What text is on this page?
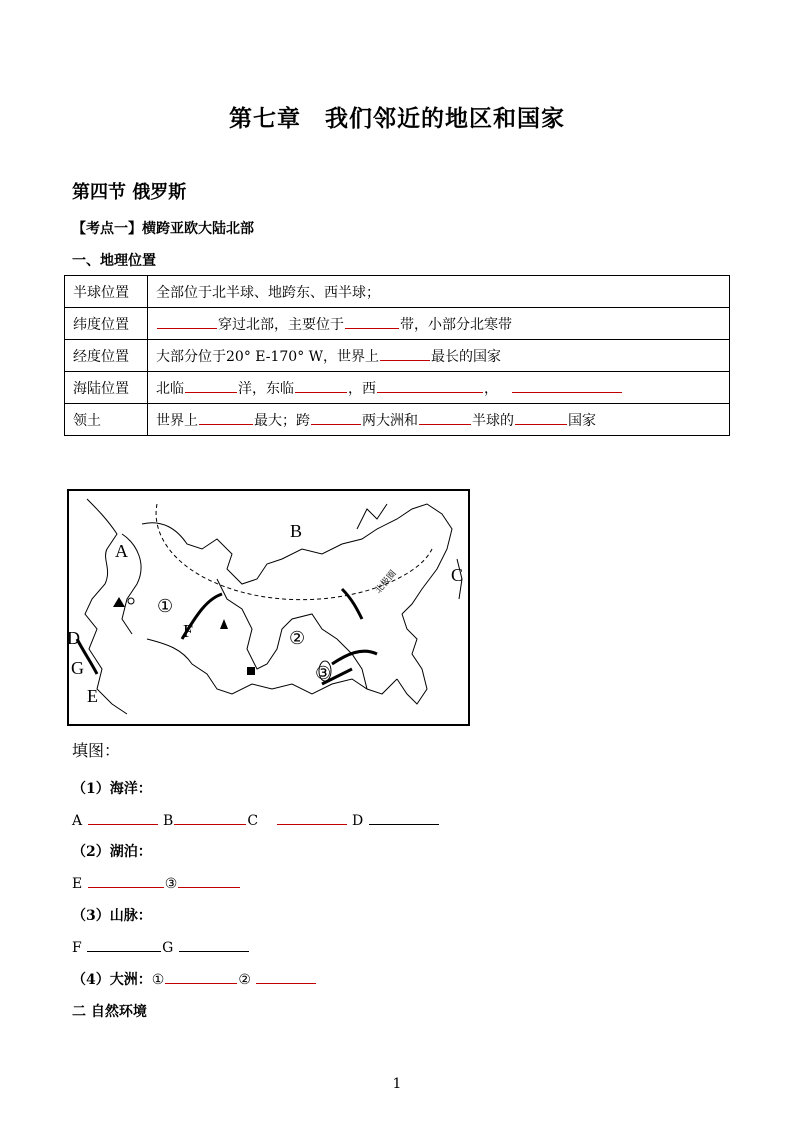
第七章　我们邻近的地区和国家
第四节 俄罗斯
【考点一】横跨亚欧大陆北部
一、地理位置
半球位置	全部位于北半球、地跨东、西半球；
纬度位置	穿过北部，主要位于 带，小部分北寒带
经度位置	大部分位于20° E-170° W，世界上 最长的国家
海陆位置	北临 洋，东临 ，西 ，
领土	世界上 最大；跨 两大洲和 半球的 国家
A
B
C
D
E
F
G
①
②
③
北极圈
填图：
（1）海洋：
A	B	C	D
（2）湖泊：
E	③
（3）山脉：
F	G
（4）大洲：①	②
二 自然环境
1
